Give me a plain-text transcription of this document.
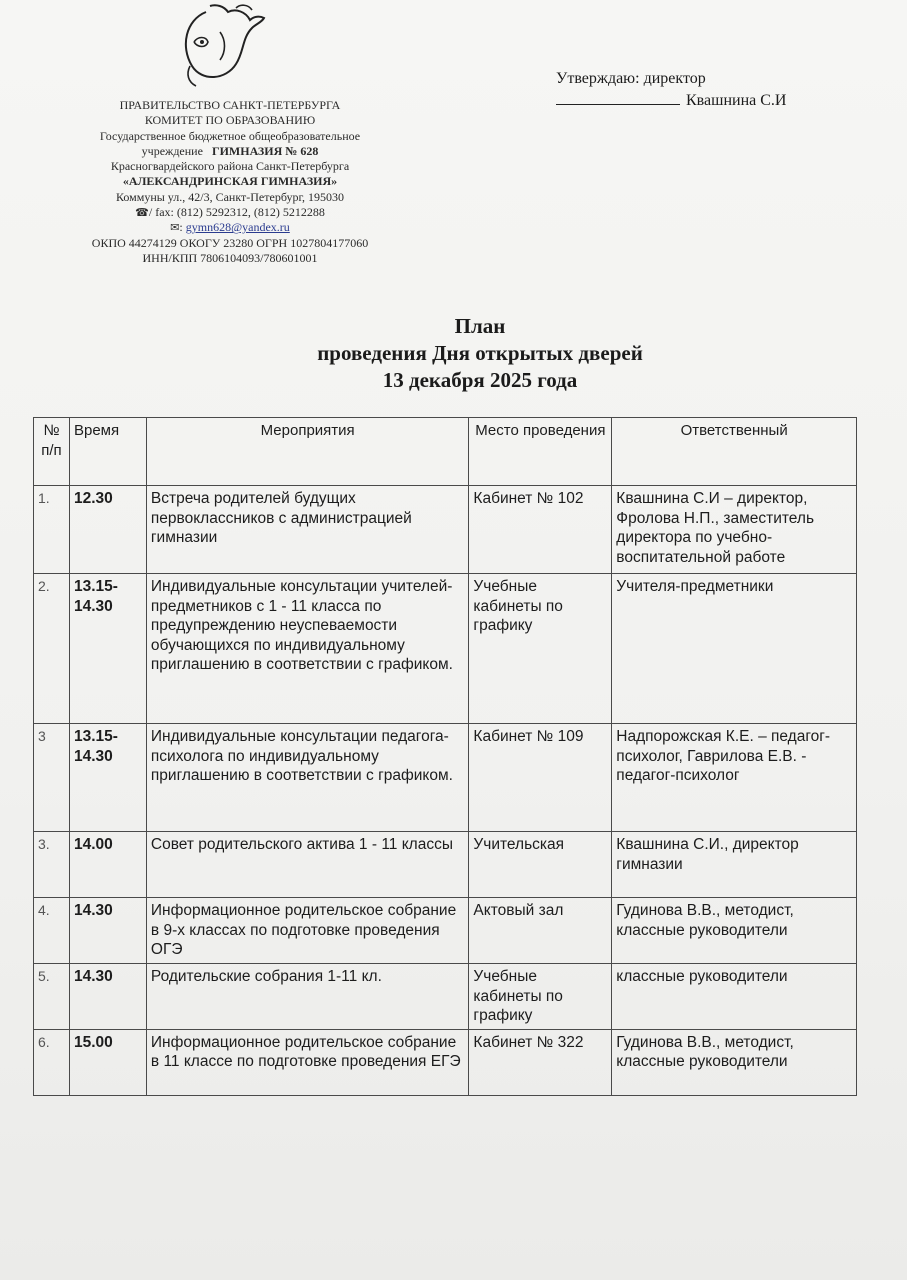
Утверждаю: директор
Квашнина С.И
ПРАВИТЕЛЬСТВО САНКТ-ПЕТЕРБУРГА
КОМИТЕТ ПО ОБРАЗОВАНИЮ
Государственное бюджетное общеобразовательное
учреждение ГИМНАЗИЯ № 628
Красногвардейского района Санкт-Петербурга
«АЛЕКСАНДРИНСКАЯ ГИМНАЗИЯ»
Коммуны ул., 42/3, Санкт-Петербург, 195030
☎/ fax: (812) 5292312, (812) 5212288
✉: gymn628@yandex.ru
ОКПО 44274129 ОКОГУ 23280 ОГРН 1027804177060
ИНН/КПП 7806104093/780601001
План
проведения Дня открытых дверей
13 декабря 2025 года
№ п/п	Время	Мероприятия	Место проведения	Ответственный
1.	12.30	Встреча родителей будущих первоклассников с администрацией гимназии	Кабинет № 102	Квашнина С.И – директор, Фролова Н.П., заместитель директора по учебно-воспитательной работе
2.	13.15-14.30	Индивидуальные консультации учителей-предметников с 1 - 11 класса по предупреждению неуспеваемости обучающихся по индивидуальному приглашению в соответствии с графиком.	Учебные кабинеты по графику	Учителя-предметники
3	13.15-14.30	Индивидуальные консультации педагога-психолога по индивидуальному приглашению в соответствии с графиком.	Кабинет № 109	Надпорожская К.Е. – педагог-психолог, Гаврилова Е.В. - педагог-психолог
3.	14.00	Совет родительского актива 1 - 11 классы	Учительская	Квашнина С.И., директор гимназии
4.	14.30	Информационное родительское собрание в 9-х классах по подготовке проведения ОГЭ	Актовый зал	Гудинова В.В., методист, классные руководители
5.	14.30	Родительские собрания 1-11 кл.	Учебные кабинеты по графику	классные руководители
6.	15.00	Информационное родительское собрание в 11 классе по подготовке проведения ЕГЭ	Кабинет № 322	Гудинова В.В., методист, классные руководители
